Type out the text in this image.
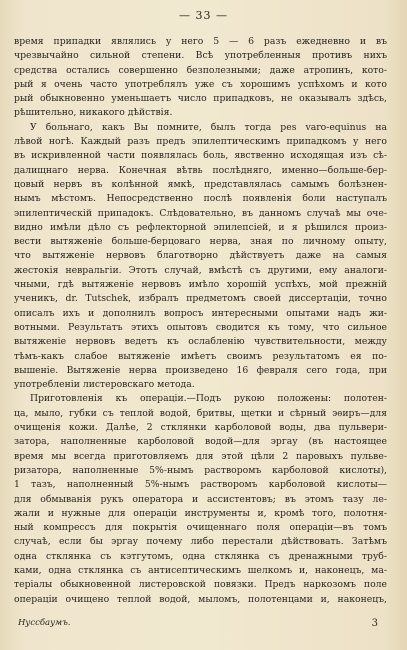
— 33 —
время припадки являлись у него 5 — 6 разъ ежедневно и въ
чрезвычайно сильной степени. Всѣ употребленныя противъ нихъ
средства остались совершенно безполезными; даже атропинъ, кото-
рый я очень часто употреблялъ уже съ хорошимъ успѣхомъ и кото
рый обыкновенно уменьшаетъ число припадковъ, не оказывалъ здѣсь,
рѣшительно, никакого дѣйствія.
У больнаго, какъ Вы помните, былъ тогда pes varo-equinus на
лѣвой ногѣ. Каждый разъ предъ эпилептическимъ припадкомъ у него
въ искривленной части появлялась боль, явственно исходящая изъ сѣ-
далищнаго нерва. Конечная вѣтвь послѣдняго, именно—больше-бер-
цовый нервъ въ колѣнной ямкѣ, представлялась самымъ болѣзнен-
нымъ мѣстомъ. Непосредственно послѣ появленія боли наступалъ
эпилептическій припадокъ. Слѣдовательно, въ данномъ случаѣ мы оче-
видно имѣли дѣло съ рефлекторной эпилепсіей, и я рѣшился произ-
вести вытяженіе больше-берцоваго нерва, зная по личному опыту,
что вытяженіе нервовъ благотворно дѣйствуетъ даже на самыя
жестокія невральгіи. Этотъ случай, вмѣстѣ съ другими, ему аналоги-
чными, гдѣ вытяженіе нервовъ имѣло хорошій успѣхъ, мой прежній
ученикъ, dr. Tutschek, избралъ предметомъ своей диссертаціи, точно
описалъ ихъ и дополнилъ вопросъ интересными опытами надъ жи-
вотными. Результатъ этихъ опытовъ сводится къ тому, что сильное
вытяженіе нервовъ ведетъ къ ослабленію чувствительности, между
тѣмъ-какъ слабое вытяженіе имѣетъ своимъ результатомъ ея по-
вышеніе. Вытяженіе нерва произведено 16 февраля сего года, при
употребленіи листеровскаго метода.
Приготовленія къ операціи.—Подъ рукою положены: полотен-
ца, мыло, губки съ теплой водой, бритвы, щетки и сѣрный эѳиръ—для
очищенія кожи. Далѣе, 2 стклянки карболовой воды, два пульвери-
затора, наполненные карболовой водой—для эргау (въ настоящее
время мы всегда приготовляемъ для этой цѣли 2 паровыхъ пульве-
ризатора, наполненные 5%-нымъ растворомъ карболовой кислоты),
1 тазъ, наполненный 5%-нымъ растворомъ карболовой кислоты—
для обмыванія рукъ оператора и ассистентовъ; въ этомъ тазу ле-
жали и нужные для операціи инструменты и, кромѣ того, полотня-
ный компрессъ для покрытія очищеннаго поля операціи—въ томъ
случаѣ, если бы эргау почему либо перестали дѣйствовать. Затѣмъ
одна стклянка съ кэтгутомъ, одна стклянка съ дренажными труб-
ками, одна стклянка съ антисептическимъ шелкомъ и, наконецъ, ма-
теріалы обыкновенной листеровской повязки. Предъ наркозомъ поле
операціи очищено теплой водой, мыломъ, полотенцами и, наконецъ,
Нуссбаумъ.	3
